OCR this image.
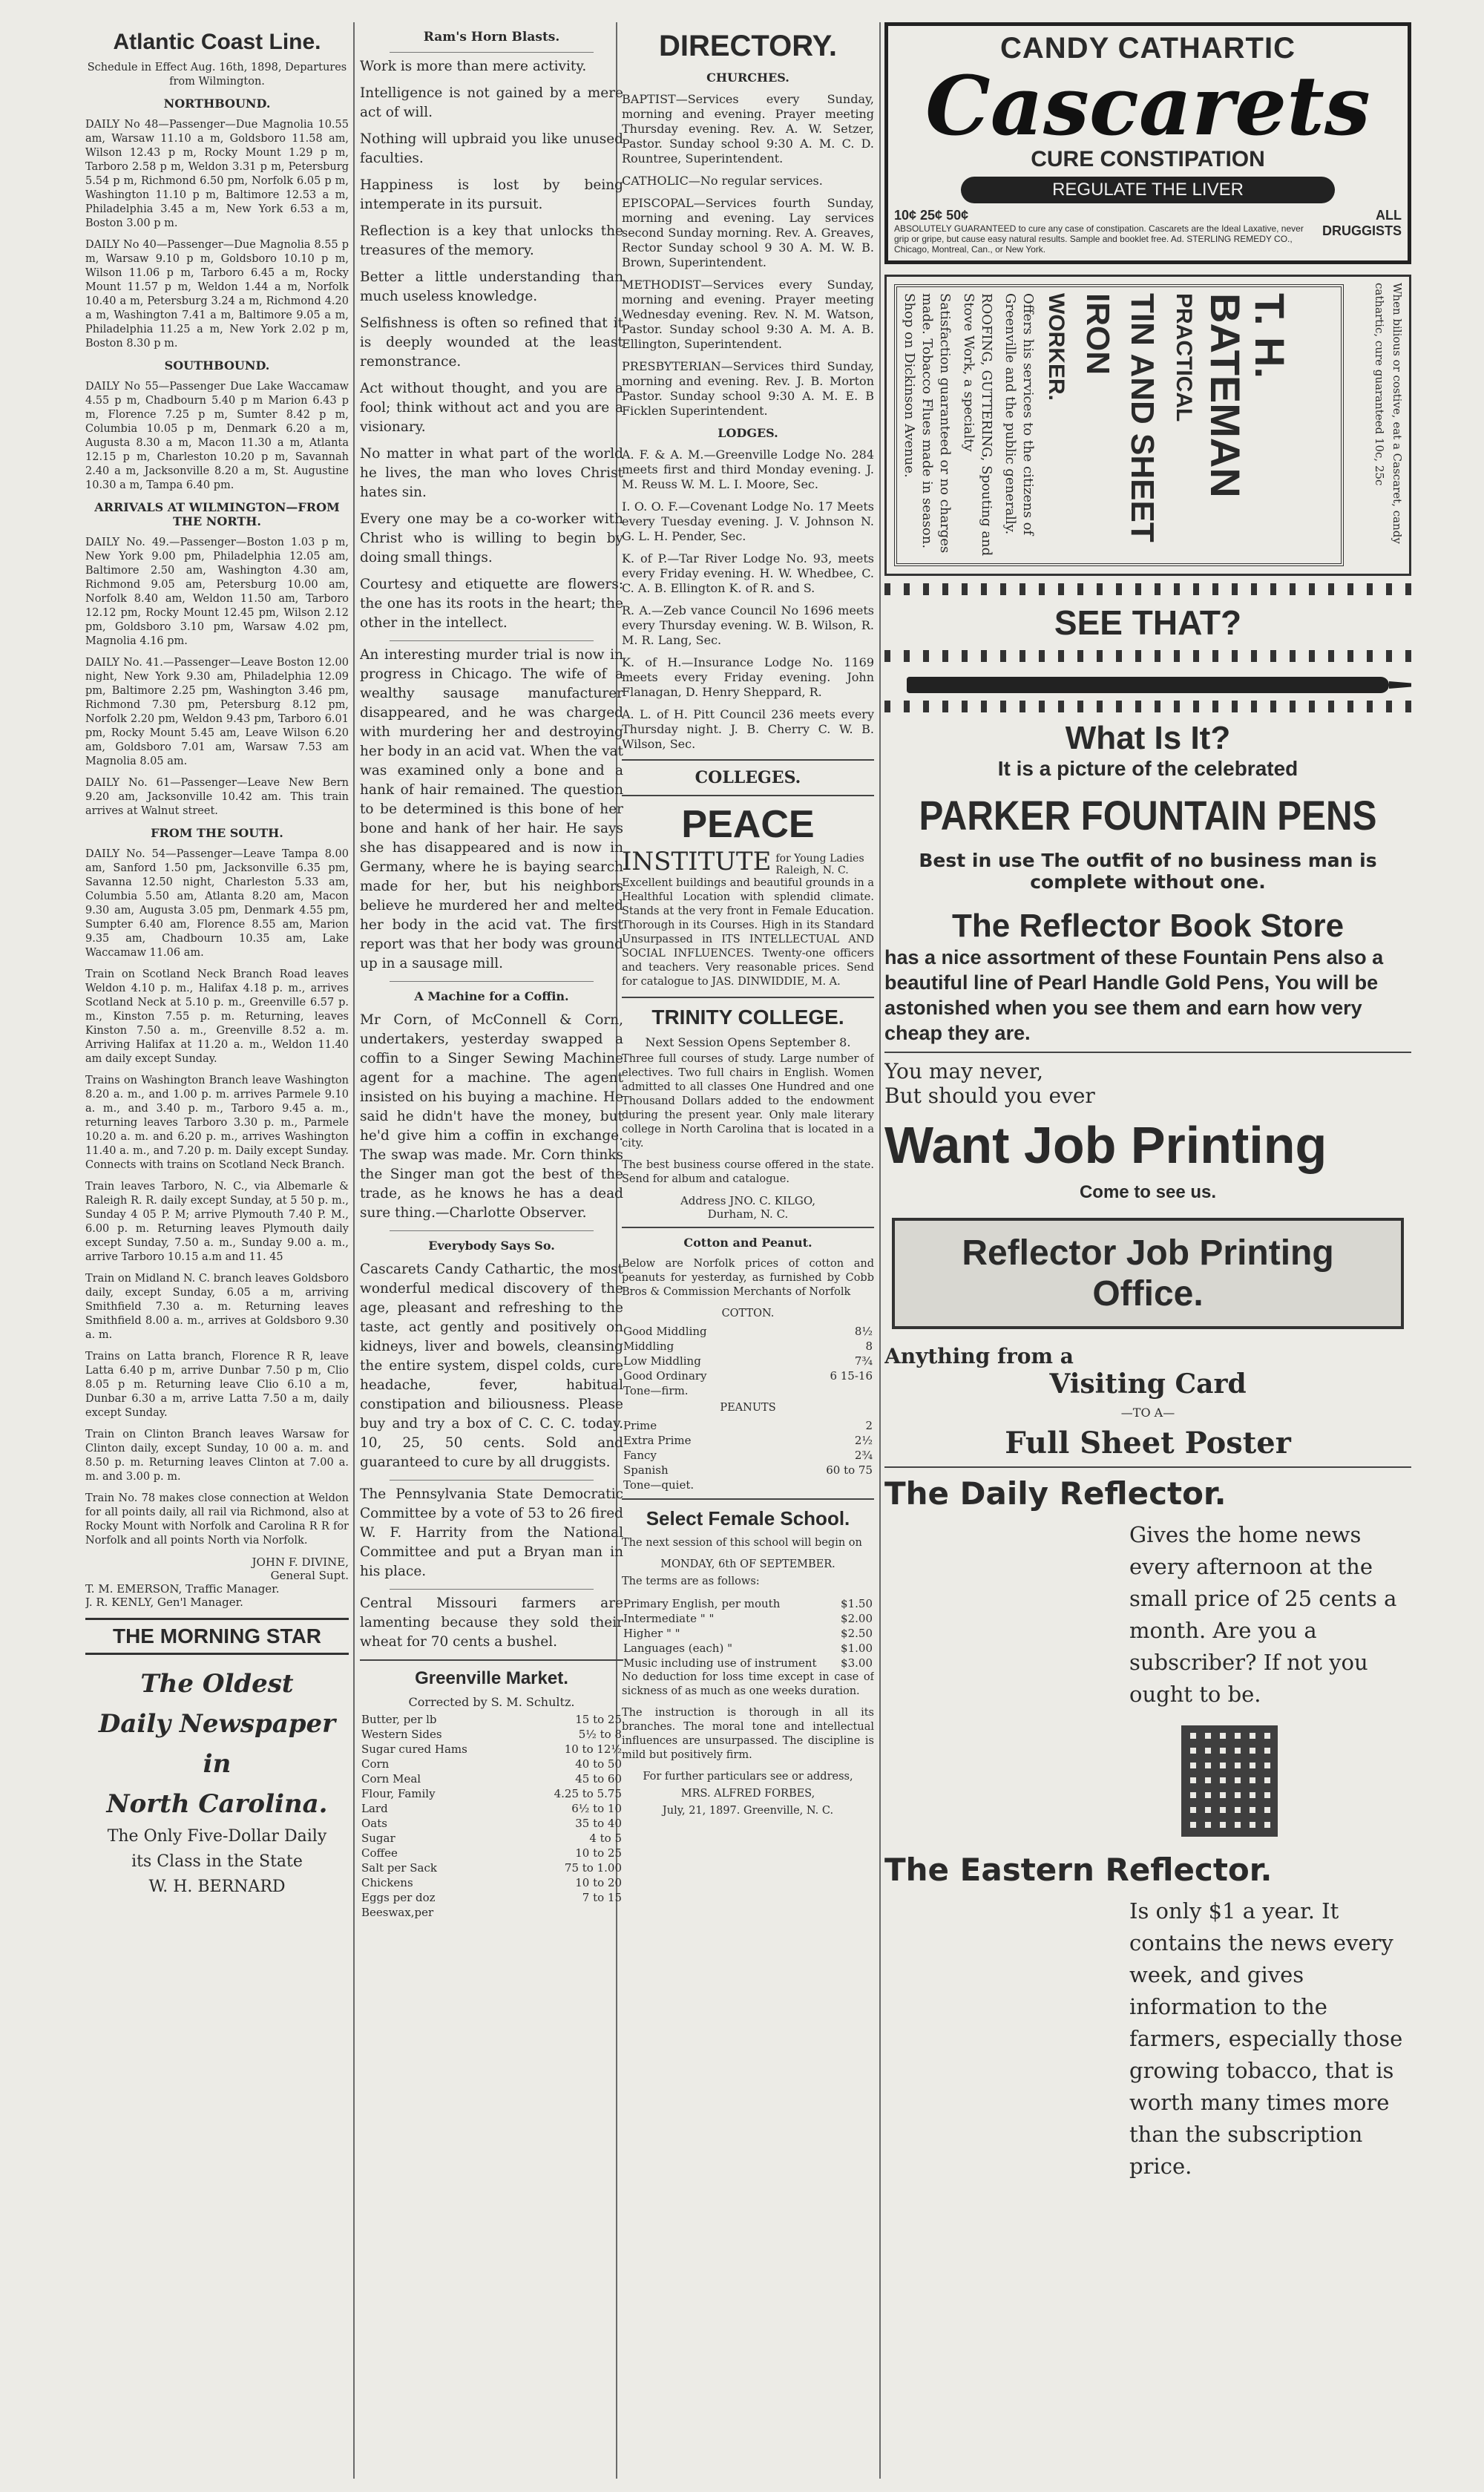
Atlantic Coast Line.
Schedule in Effect Aug. 16th, 1898, Departures from Wilmington.
NORTHBOUND.

DAILY No 48—Passenger—Due Magnolia 10.55 am, Warsaw 11.10 a m, Goldsboro 11.58 am, Wilson 12.43 p m, Rocky Mount 1.29 p m, Tarboro 2.58 p m, Weldon 3.31 p m, Petersburg 5.54 p m, Richmond 6.50 pm, Norfolk 6.05 p m, Washington 11.10 p m, Baltimore 12.53 a m, Philadelphia 3.45 a m, New York 6.53 a m, Boston 3.00 p m.

DAILY No 40—Passenger—Due Magnolia 8.55 p m, Warsaw 9.10 p m, Goldsboro 10.10 p m, Wilson 11.06 p m, Tarboro 6.45 a m, Rocky Mount 11.57 p m, Weldon 1.44 a m, Norfolk 10.40 a m, Petersburg 3.24 a m, Richmond 4.20 a m, Washington 7.41 a m, Baltimore 9.05 a m, Philadelphia 11.25 a m, New York 2.02 p m, Boston 8.30 p m.

SOUTHBOUND.

DAILY No 55—Passenger Due Lake Waccamaw 4.55 p m, Chadbourn 5.40 p m Marion 6.43 p m, Florence 7.25 p m, Sumter 8.42 p m, Columbia 10.05 p m, Denmark 6.20 a m, Augusta 8.30 a m, Macon 11.30 a m, Atlanta 12.15 p m, Charleston 10.20 p m, Savannah 2.40 a m, Jacksonville 8.20 a m, St. Augustine 10.30 a m, Tampa 6.40 pm.

ARRIVALS AT WILMINGTON—FROM THE NORTH.

DAILY No. 49.—Passenger—Boston 1.03 p m, New York 9.00 pm, Philadelphia 12.05 am, Baltimore 2.50 am, Washington 4.30 am, Richmond 9.05 am, Petersburg 10.00 am, Norfolk 8.40 am, Weldon 11.50 am, Tarboro 12.12 pm, Rocky Mount 12.45 pm, Wilson 2.12 pm, Goldsboro 3.10 pm, Warsaw 4.02 pm, Magnolia 4.16 pm.

DAILY No. 41.—Passenger—Leave Boston 12.00 night, New York 9.30 am, Philadelphia 12.09 pm, Baltimore 2.25 pm, Washington 3.46 pm, Richmond 7.30 pm, Petersburg 8.12 pm, Norfolk 2.20 pm, Weldon 9.43 pm, Tarboro 6.01 pm, Rocky Mount 5.45 am, Leave Wilson 6.20 am, Goldsboro 7.01 am, Warsaw 7.53 am Magnolia 8.05 am.

DAILY No. 61—Passenger—Leave New Bern 9.20 am, Jacksonville 10.42 am. This train arrives at Walnut street.

FROM THE SOUTH.

DAILY No. 54—Passenger—Leave Tampa 8.00 am, Sanford 1.50 pm, Jacksonville 6.35 pm, Savanna 12.50 night, Charleston 5.33 am, Columbia 5.50 am, Atlanta 8.20 am, Macon 9.30 am, Augusta 3.05 pm, Denmark 4.55 pm, Sumpter 6.40 am, Florence 8.55 am, Marion 9.35 am, Chadbourn 10.35 am, Lake Waccamaw 11.06 am.

Train on Scotland Neck Branch Road leaves Weldon 4.10 p. m., Halifax 4.18 p. m., arrives Scotland Neck at 5.10 p. m., Greenville 6.57 p. m., Kinston 7.55 p. m. Returning, leaves Kinston 7.50 a. m., Greenville 8.52 a. m. Arriving Halifax at 11.20 a. m., Weldon 11.40 am daily except Sunday.

Trains on Washington Branch leave Washington 8.20 a. m., and 1.00 p. m. arrives Parmele 9.10 a. m., and 3.40 p. m., Tarboro 9.45 a. m., returning leaves Tarboro 3.30 p. m., Parmele 10.20 a. m. and 6.20 p. m., arrives Washington 11.40 a. m., and 7.20 p. m. Daily except Sunday. Connects with trains on Scotland Neck Branch.

Train leaves Tarboro, N. C., via Albemarle & Raleigh R. R. daily except Sunday, at 5 50 p. m., Sunday 4 05 P. M; arrive Plymouth 7.40 P. M., 6.00 p. m. Returning leaves Plymouth daily except Sunday, 7.50 a. m., Sunday 9.00 a. m., arrive Tarboro 10.15 a.m and 11. 45

Train on Midland N. C. branch leaves Goldsboro daily, except Sunday, 6.05 a m, arriving Smithfield 7.30 a. m. Returning leaves Smithfield 8.00 a. m., arrives at Goldsboro 9.30 a. m.

Trains on Latta branch, Florence R R, leave Latta 6.40 p m, arrive Dunbar 7.50 p m, Clio 8.05 p m. Returning leave Clio 6.10 a m, Dunbar 6.30 a m, arrive Latta 7.50 a m, daily except Sunday.

Train on Clinton Branch leaves Warsaw for Clinton daily, except Sunday, 10 00 a. m. and 8.50 p. m. Returning leaves Clinton at 7.00 a. m. and 3.00 p. m.

Train No. 78 makes close connection at Weldon for all points daily, all rail via Richmond, also at Rocky Mount with Norfolk and Carolina R R for Norfolk and all points North via Norfolk.

JOHN F. DIVINE,

General Supt.

T. M. EMERSON, Traffic Manager.

J. R. KENLY, Gen'l Manager.

THE MORNING STAR
The Oldest
Daily Newspaper in
North Carolina.
The Only Five-Dollar Daily
its Class in the State
W. H. BERNARD
Ram's Horn Blasts.

Work is more than mere activity.

Intelligence is not gained by a mere act of will.

Nothing will upbraid you like unused faculties.

Happiness is lost by being intemperate in its pursuit.

Reflection is a key that unlocks the treasures of the memory.

Better a little understanding than much useless knowledge.

Selfishness is often so refined that it is deeply wounded at the least remonstrance.

Act without thought, and you are a fool; think without act and you are a visionary.

No matter in what part of the world he lives, the man who loves Christ hates sin.

Every one may be a co-worker with Christ who is willing to begin by doing small things.

Courtesy and etiquette are flowers: the one has its roots in the heart; the other in the intellect.

An interesting murder trial is now in progress in Chicago. The wife of a wealthy sausage manufacturer disappeared, and he was charged with murdering her and destroying her body in an acid vat. When the vat was examined only a bone and a hank of hair remained. The question to be determined is this bone of her bone and hank of her hair. He says she has disappeared and is now in Germany, where he is baying search made for her, but his neighbors believe he murdered her and melted her body in the acid vat. The first report was that her body was ground up in a sausage mill.

A Machine for a Coffin.

Mr Corn, of McConnell & Corn, undertakers, yesterday swapped a coffin to a Singer Sewing Machine agent for a machine. The agent insisted on his buying a machine. He said he didn't have the money, but he'd give him a coffin in exchange. The swap was made. Mr. Corn thinks the Singer man got the best of the trade, as he knows he has a dead sure thing.—Charlotte Observer.

Everybody Says So.

Cascarets Candy Cathartic, the most wonderful medical discovery of the age, pleasant and refreshing to the taste, act gently and positively on kidneys, liver and bowels, cleansing the entire system, dispel colds, cure headache, fever, habitual constipation and biliousness. Please buy and try a box of C. C. C. today. 10, 25, 50 cents. Sold and guaranteed to cure by all druggists.

The Pennsylvania State Democratic Committee by a vote of 53 to 26 fired W. F. Harrity from the National Committee and put a Bryan man in his place.

Central Missouri farmers are lamenting because they sold their wheat for 70 cents a bushel.

Greenville Market.
Corrected by S. M. Schultz.
Butter, per lb	15 to 25
Western Sides	5½ to 8
Sugar cured Hams	10 to 12½
Corn	40 to 50
Corn Meal	45 to 60
Flour, Family	4.25 to 5.75
Lard	6½ to 10
Oats	35 to 40
Sugar	4 to 5
Coffee	10 to 25
Salt per Sack	75 to 1.00
Chickens	10 to 20
Eggs per doz	7 to 15
Beeswax,per	
DIRECTORY.
CHURCHES.

BAPTIST—Services every Sunday, morning and evening. Prayer meeting Thursday evening. Rev. A. W. Setzer, Pastor. Sunday school 9:30 A. M. C. D. Rountree, Superintendent.

CATHOLIC—No regular services.

EPISCOPAL—Services fourth Sunday, morning and evening. Lay services second Sunday morning. Rev. A. Greaves, Rector Sunday school 9 30 A. M. W. B. Brown, Superintendent.

METHODIST—Services every Sunday, morning and evening. Prayer meeting Wednesday evening. Rev. N. M. Watson, Pastor. Sunday school 9:30 A. M. A. B. Ellington, Superintendent.

PRESBYTERIAN—Services third Sunday, morning and evening. Rev. J. B. Morton Pastor. Sunday school 9:30 A. M. E. B Ficklen Superintendent.

LODGES.

A. F. & A. M.—Greenville Lodge No. 284 meets first and third Monday evening. J. M. Reuss W. M. L. I. Moore, Sec.

I. O. O. F.—Covenant Lodge No. 17 Meets every Tuesday evening. J. V. Johnson N. G. L. H. Pender, Sec.

K. of P.—Tar River Lodge No. 93, meets every Friday evening. H. W. Whedbee, C. C. A. B. Ellington K. of R. and S.

R. A.—Zeb vance Council No 1696 meets every Thursday evening. W. B. Wilson, R. M. R. Lang, Sec.

K. of H.—Insurance Lodge No. 1169 meets every Friday evening. John Flanagan, D. Henry Sheppard, R.

A. L. of H. Pitt Council 236 meets every Thursday night. J. B. Cherry C. W. B. Wilson, Sec.

COLLEGES.
PEACE
INSTITUTE for Young Ladies Raleigh, N. C.

Excellent buildings and beautiful grounds in a Healthful Location with splendid climate. Stands at the very front in Female Education. Thorough in its Courses. High in its Standard Unsurpassed in ITS INTELLECTUAL AND SOCIAL INFLUENCES. Twenty-one officers and teachers. Very reasonable prices. Send for catalogue to JAS. DINWIDDIE, M. A.

TRINITY COLLEGE.
Next Session Opens September 8.

Three full courses of study. Large number of electives. Two full chairs in English. Women admitted to all classes One Hundred and one Thousand Dollars added to the endowment during the present year. Only male literary college in North Carolina that is located in a city.

The best business course offered in the state. Send for album and catalogue.

Address JNO. C. KILGO,

Durham, N. C.

Cotton and Peanut.

Below are Norfolk prices of cotton and peanuts for yesterday, as furnished by Cobb Bros & Commission Merchants of Norfolk

COTTON.
Good Middling	8½
Middling	8
Low Middling	7¾
Good Ordinary	6 15-16
Tone—firm.	
PEANUTS
Prime	2
Extra Prime	2½
Fancy	2¾
Spanish	60 to 75
Tone—quiet.	
Select Female School.

The next session of this school will begin on

MONDAY, 6th OF SEPTEMBER.

The terms are as follows:

Primary English, per mouth	$1.50
Intermediate " "	$2.00
Higher " "	$2.50
Languages (each) "	$1.00
Music including use of instrument	$3.00

No deduction for loss time except in case of sickness of as much as one weeks duration.

The instruction is thorough in all its branches. The moral tone and intellectual influences are unsurpassed. The discipline is mild but positively firm.

For further particulars see or address,
MRS. ALFRED FORBES,
July, 21, 1897. Greenville, N. C.
CANDY CATHARTIC
Cascarets
CURE CONSTIPATION
REGULATE THE LIVER
10¢ 25¢ 50¢	ALL
ABSOLUTELY GUARANTEED to cure any case of constipation. Cascarets are the Ideal Laxative, never grip or gripe, but cause easy natural results. Sample and booklet free. Ad. STERLING REMEDY CO., Chicago, Montreal, Can., or New York.
DRUGGISTS
Satisfaction guaranteed or no charges made. Tobacco Flues made in season. Shop on Dickinson Avenue.	ROOFING, GUTTERING, Spouting and Stove Work, a specialty	Offers his services to the citizens of Greenville and the public generally.	WORKER.	TIN AND SHEET IRON	PRACTICAL	T. H. BATEMAN	When bilious or costive, eat a Cascaret, candy cathartic, cure guaranteed 10c, 25c
SEE THAT?
What Is It?
It is a picture of the celebrated
PARKER FOUNTAIN PENS
Best in use The outfit of no business man is complete without one.
The Reflector Book Store
has a nice assortment of these Fountain Pens also a beautiful line of Pearl Handle Gold Pens, You will be astonished when you see them and earn how very cheap they are.
You may never,
But should you ever
Want Job Printing
Come to see us.
Reflector Job Printing Office.
Anything from a
Visiting Card
—TO A—
Full Sheet Poster
The Daily Reflector.

Gives the home news every afternoon at the small price of 25 cents a month. Are you a subscriber? If not you ought to be.

The Eastern Reflector.

Is only $1 a year. It contains the news every week, and gives information to the farmers, especially those growing tobacco, that is worth many times more than the subscription price.
